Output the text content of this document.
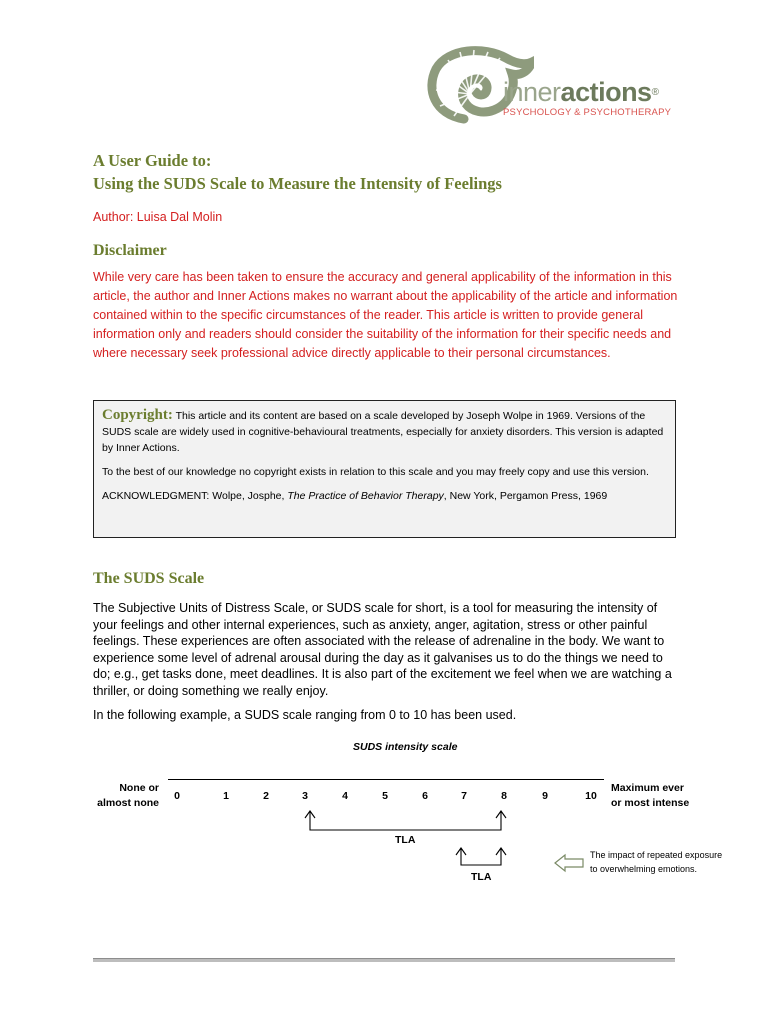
inneractions®
PSYCHOLOGY & PSYCHOTHERAPY
A User Guide to:
Using the SUDS Scale to Measure the Intensity of Feelings
Author: Luisa Dal Molin
Disclaimer
While very care has been taken to ensure the accuracy and general applicability of the information in this article, the author and Inner Actions makes no warrant about the applicability of the article and information contained within to the specific circumstances of the reader. This article is written to provide general information only and readers should consider the suitability of the information for their specific needs and where necessary seek professional advice directly applicable to their personal circumstances.

Copyright: This article and its content are based on a scale developed by Joseph Wolpe in 1969. Versions of the SUDS scale are widely used in cognitive-behavioural treatments, especially for anxiety disorders. This version is adapted by Inner Actions.

To the best of our knowledge no copyright exists in relation to this scale and you may freely copy and use this version.

ACKNOWLEDGMENT: Wolpe, Josphe, The Practice of Behavior Therapy, New York, Pergamon Press, 1969

The SUDS Scale
The Subjective Units of Distress Scale, or SUDS scale for short, is a tool for measuring the intensity of your feelings and other internal experiences, such as anxiety, anger, agitation, stress or other painful feelings. These experiences are often associated with the release of adrenaline in the body. We want to experience some level of adrenal arousal during the day as it galvanises us to do the things we need to do; e.g., get tasks done, meet deadlines. It is also part of the excitement we feel when we are watching a thriller, or doing something we really enjoy.
In the following example, a SUDS scale ranging from 0 to 10 has been used.
SUDS intensity scale
None or
almost none
Maximum ever
or most intense
0	1	2	3	4	5	6	7	8	9	10
TLA
TLA
The impact of repeated exposure
to overwhelming emotions.
